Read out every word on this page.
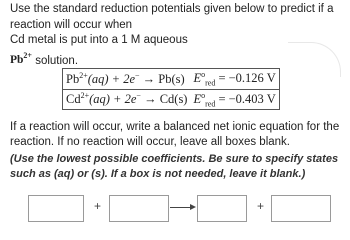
Use the standard reduction potentials given below to predict if a reaction will occur when
Cd metal is put into a 1 M aqueous
$Pb^{2+}$ solution.
$Pb^{2+}(aq) + 2e^- \to Pb(s)$	$E^o_{red} = -0.126$ V
$Cd^{2+}(aq) + 2e^- \to Cd(s)$	$E^o_{red} = -0.403$ V
If a reaction will occur, write a balanced net ionic equation for the reaction. If no reaction will occur, leave all boxes blank.
(Use the lowest possible coefficients. Be sure to specify states such as (aq) or (s). If a box is not needed, leave it blank.)
+	+
